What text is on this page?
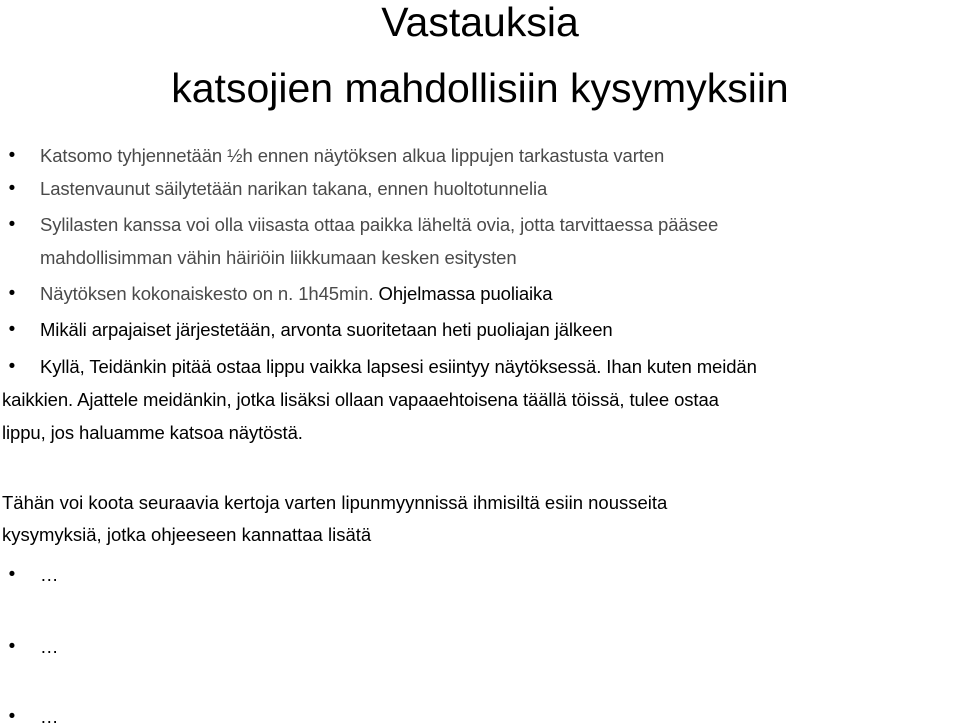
Vastauksia
katsojien mahdollisiin kysymyksiin
• Katsomo tyhjennetään ½h ennen näytöksen alkua lippujen tarkastusta varten
• Lastenvaunut säilytetään narikan takana, ennen huoltotunnelia
• Sylilasten kanssa voi olla viisasta ottaa paikka läheltä ovia, jotta tarvittaessa pääsee
mahdollisimman vähin häiriöin liikkumaan kesken esitysten
• Näytöksen kokonaiskesto on n. 1h45min. Ohjelmassa puoliaika
• Mikäli arpajaiset järjestetään, arvonta suoritetaan heti puoliajan jälkeen
• Kyllä, Teidänkin pitää ostaa lippu vaikka lapsesi esiintyy näytöksessä. Ihan kuten meidän
kaikkien. Ajattele meidänkin, jotka lisäksi ollaan vapaaehtoisena täällä töissä, tulee ostaa
lippu, jos haluamme katsoa näytöstä.
Tähän voi koota seuraavia kertoja varten lipunmyynnissä ihmisiltä esiin nousseita
kysymyksiä, jotka ohjeeseen kannattaa lisätä
• …
• …
• …
